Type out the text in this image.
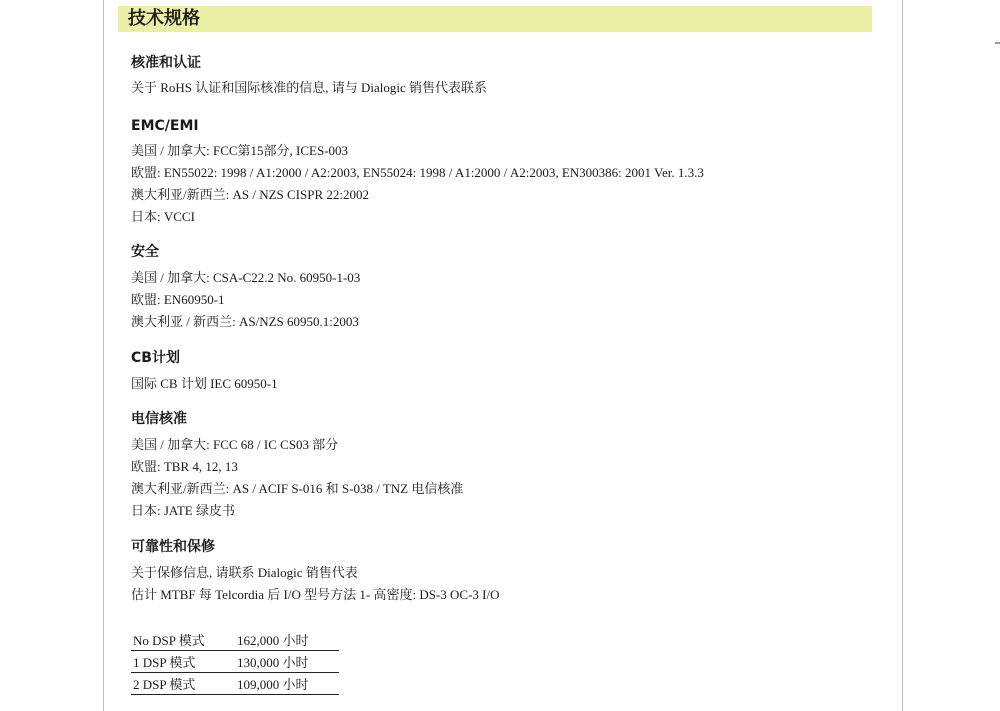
技术规格
核准和认证
关于 RoHS 认证和国际核准的信息, 请与 Dialogic 销售代表联系
EMC/EMI
美国 / 加拿大: FCC第15部分, ICES-003
欧盟: EN55022: 1998 / A1:2000 / A2:2003, EN55024: 1998 / A1:2000 / A2:2003, EN300386: 2001 Ver. 1.3.3
澳大利亚/新西兰: AS / NZS CISPR 22:2002
日本: VCCI
安全
美国 / 加拿大: CSA-C22.2 No. 60950-1-03
欧盟: EN60950-1
澳大利亚 / 新西兰: AS/NZS 60950.1:2003
CB计划
国际 CB 计划 IEC 60950-1
电信核准
美国 / 加拿大: FCC 68 / IC CS03 部分
欧盟: TBR 4, 12, 13
澳大利亚/新西兰: AS / ACIF S-016 和 S-038 / TNZ 电信核准
日本: JATE 绿皮书
可靠性和保修
关于保修信息, 请联系 Dialogic 销售代表
估计 MTBF 每 Telcordia 后 I/O 型号方法 1- 高密度: DS-3 OC-3 I/O
No DSP 模式	162,000 小时
1 DSP 模式	130,000 小时
2 DSP 模式	109,000 小时
